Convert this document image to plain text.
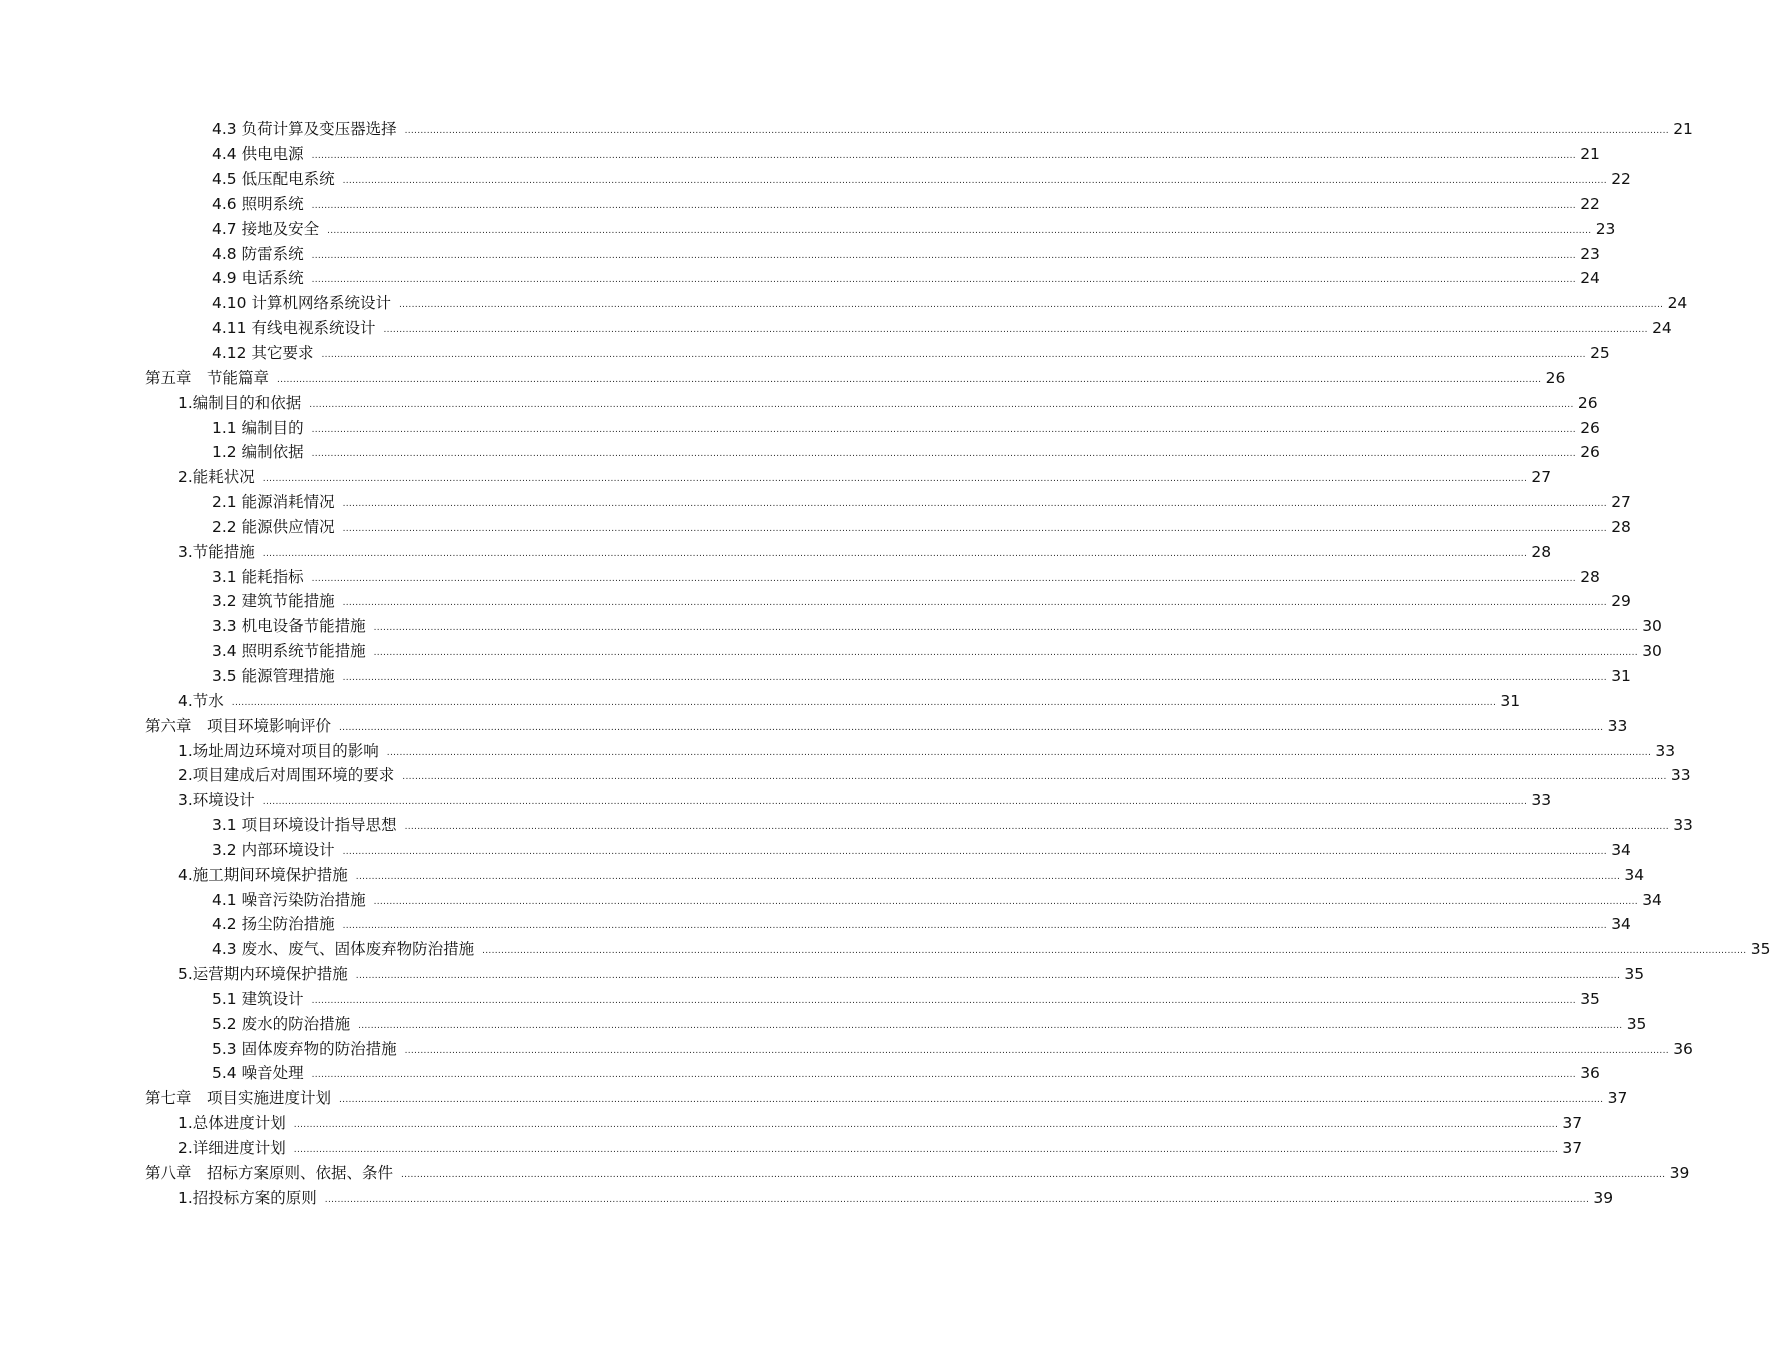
4.3 负荷计算及变压器选择 ................................................................................................................................................................................................................................................................................................................................................................................................................ 21
4.4 供电电源 ................................................................................................................................................................................................................................................................................................................................................................................................................ 21
4.5 低压配电系统 ................................................................................................................................................................................................................................................................................................................................................................................................................ 22
4.6 照明系统 ................................................................................................................................................................................................................................................................................................................................................................................................................ 22
4.7 接地及安全 ................................................................................................................................................................................................................................................................................................................................................................................................................ 23
4.8 防雷系统 ................................................................................................................................................................................................................................................................................................................................................................................................................ 23
4.9 电话系统 ................................................................................................................................................................................................................................................................................................................................................................................................................ 24
4.10 计算机网络系统设计 ................................................................................................................................................................................................................................................................................................................................................................................................................ 24
4.11 有线电视系统设计 ................................................................................................................................................................................................................................................................................................................................................................................................................ 24
4.12 其它要求 ................................................................................................................................................................................................................................................................................................................................................................................................................ 25
第五章　节能篇章 ................................................................................................................................................................................................................................................................................................................................................................................................................ 26
1.编制目的和依据 ................................................................................................................................................................................................................................................................................................................................................................................................................ 26
1.1 编制目的 ................................................................................................................................................................................................................................................................................................................................................................................................................ 26
1.2 编制依据 ................................................................................................................................................................................................................................................................................................................................................................................................................ 26
2.能耗状况 ................................................................................................................................................................................................................................................................................................................................................................................................................ 27
2.1 能源消耗情况 ................................................................................................................................................................................................................................................................................................................................................................................................................ 27
2.2 能源供应情况 ................................................................................................................................................................................................................................................................................................................................................................................................................ 28
3.节能措施 ................................................................................................................................................................................................................................................................................................................................................................................................................ 28
3.1 能耗指标 ................................................................................................................................................................................................................................................................................................................................................................................................................ 28
3.2 建筑节能措施 ................................................................................................................................................................................................................................................................................................................................................................................................................ 29
3.3 机电设备节能措施 ................................................................................................................................................................................................................................................................................................................................................................................................................ 30
3.4 照明系统节能措施 ................................................................................................................................................................................................................................................................................................................................................................................................................ 30
3.5 能源管理措施 ................................................................................................................................................................................................................................................................................................................................................................................................................ 31
4.节水 ................................................................................................................................................................................................................................................................................................................................................................................................................ 31
第六章　项目环境影响评价 ................................................................................................................................................................................................................................................................................................................................................................................................................ 33
1.场址周边环境对项目的影响 ................................................................................................................................................................................................................................................................................................................................................................................................................ 33
2.项目建成后对周围环境的要求 ................................................................................................................................................................................................................................................................................................................................................................................................................ 33
3.环境设计 ................................................................................................................................................................................................................................................................................................................................................................................................................ 33
3.1 项目环境设计指导思想 ................................................................................................................................................................................................................................................................................................................................................................................................................ 33
3.2 内部环境设计 ................................................................................................................................................................................................................................................................................................................................................................................................................ 34
4.施工期间环境保护措施 ................................................................................................................................................................................................................................................................................................................................................................................................................ 34
4.1 噪音污染防治措施 ................................................................................................................................................................................................................................................................................................................................................................................................................ 34
4.2 扬尘防治措施 ................................................................................................................................................................................................................................................................................................................................................................................................................ 34
4.3 废水、废气、固体废弃物防治措施 ................................................................................................................................................................................................................................................................................................................................................................................................................ 35
5.运营期内环境保护措施 ................................................................................................................................................................................................................................................................................................................................................................................................................ 35
5.1 建筑设计 ................................................................................................................................................................................................................................................................................................................................................................................................................ 35
5.2 废水的防治措施 ................................................................................................................................................................................................................................................................................................................................................................................................................ 35
5.3 固体废弃物的防治措施 ................................................................................................................................................................................................................................................................................................................................................................................................................ 36
5.4 噪音处理 ................................................................................................................................................................................................................................................................................................................................................................................................................ 36
第七章　项目实施进度计划 ................................................................................................................................................................................................................................................................................................................................................................................................................ 37
1.总体进度计划 ................................................................................................................................................................................................................................................................................................................................................................................................................ 37
2.详细进度计划 ................................................................................................................................................................................................................................................................................................................................................................................................................ 37
第八章　招标方案原则、依据、条件 ................................................................................................................................................................................................................................................................................................................................................................................................................ 39
1.招投标方案的原则 ................................................................................................................................................................................................................................................................................................................................................................................................................ 39
